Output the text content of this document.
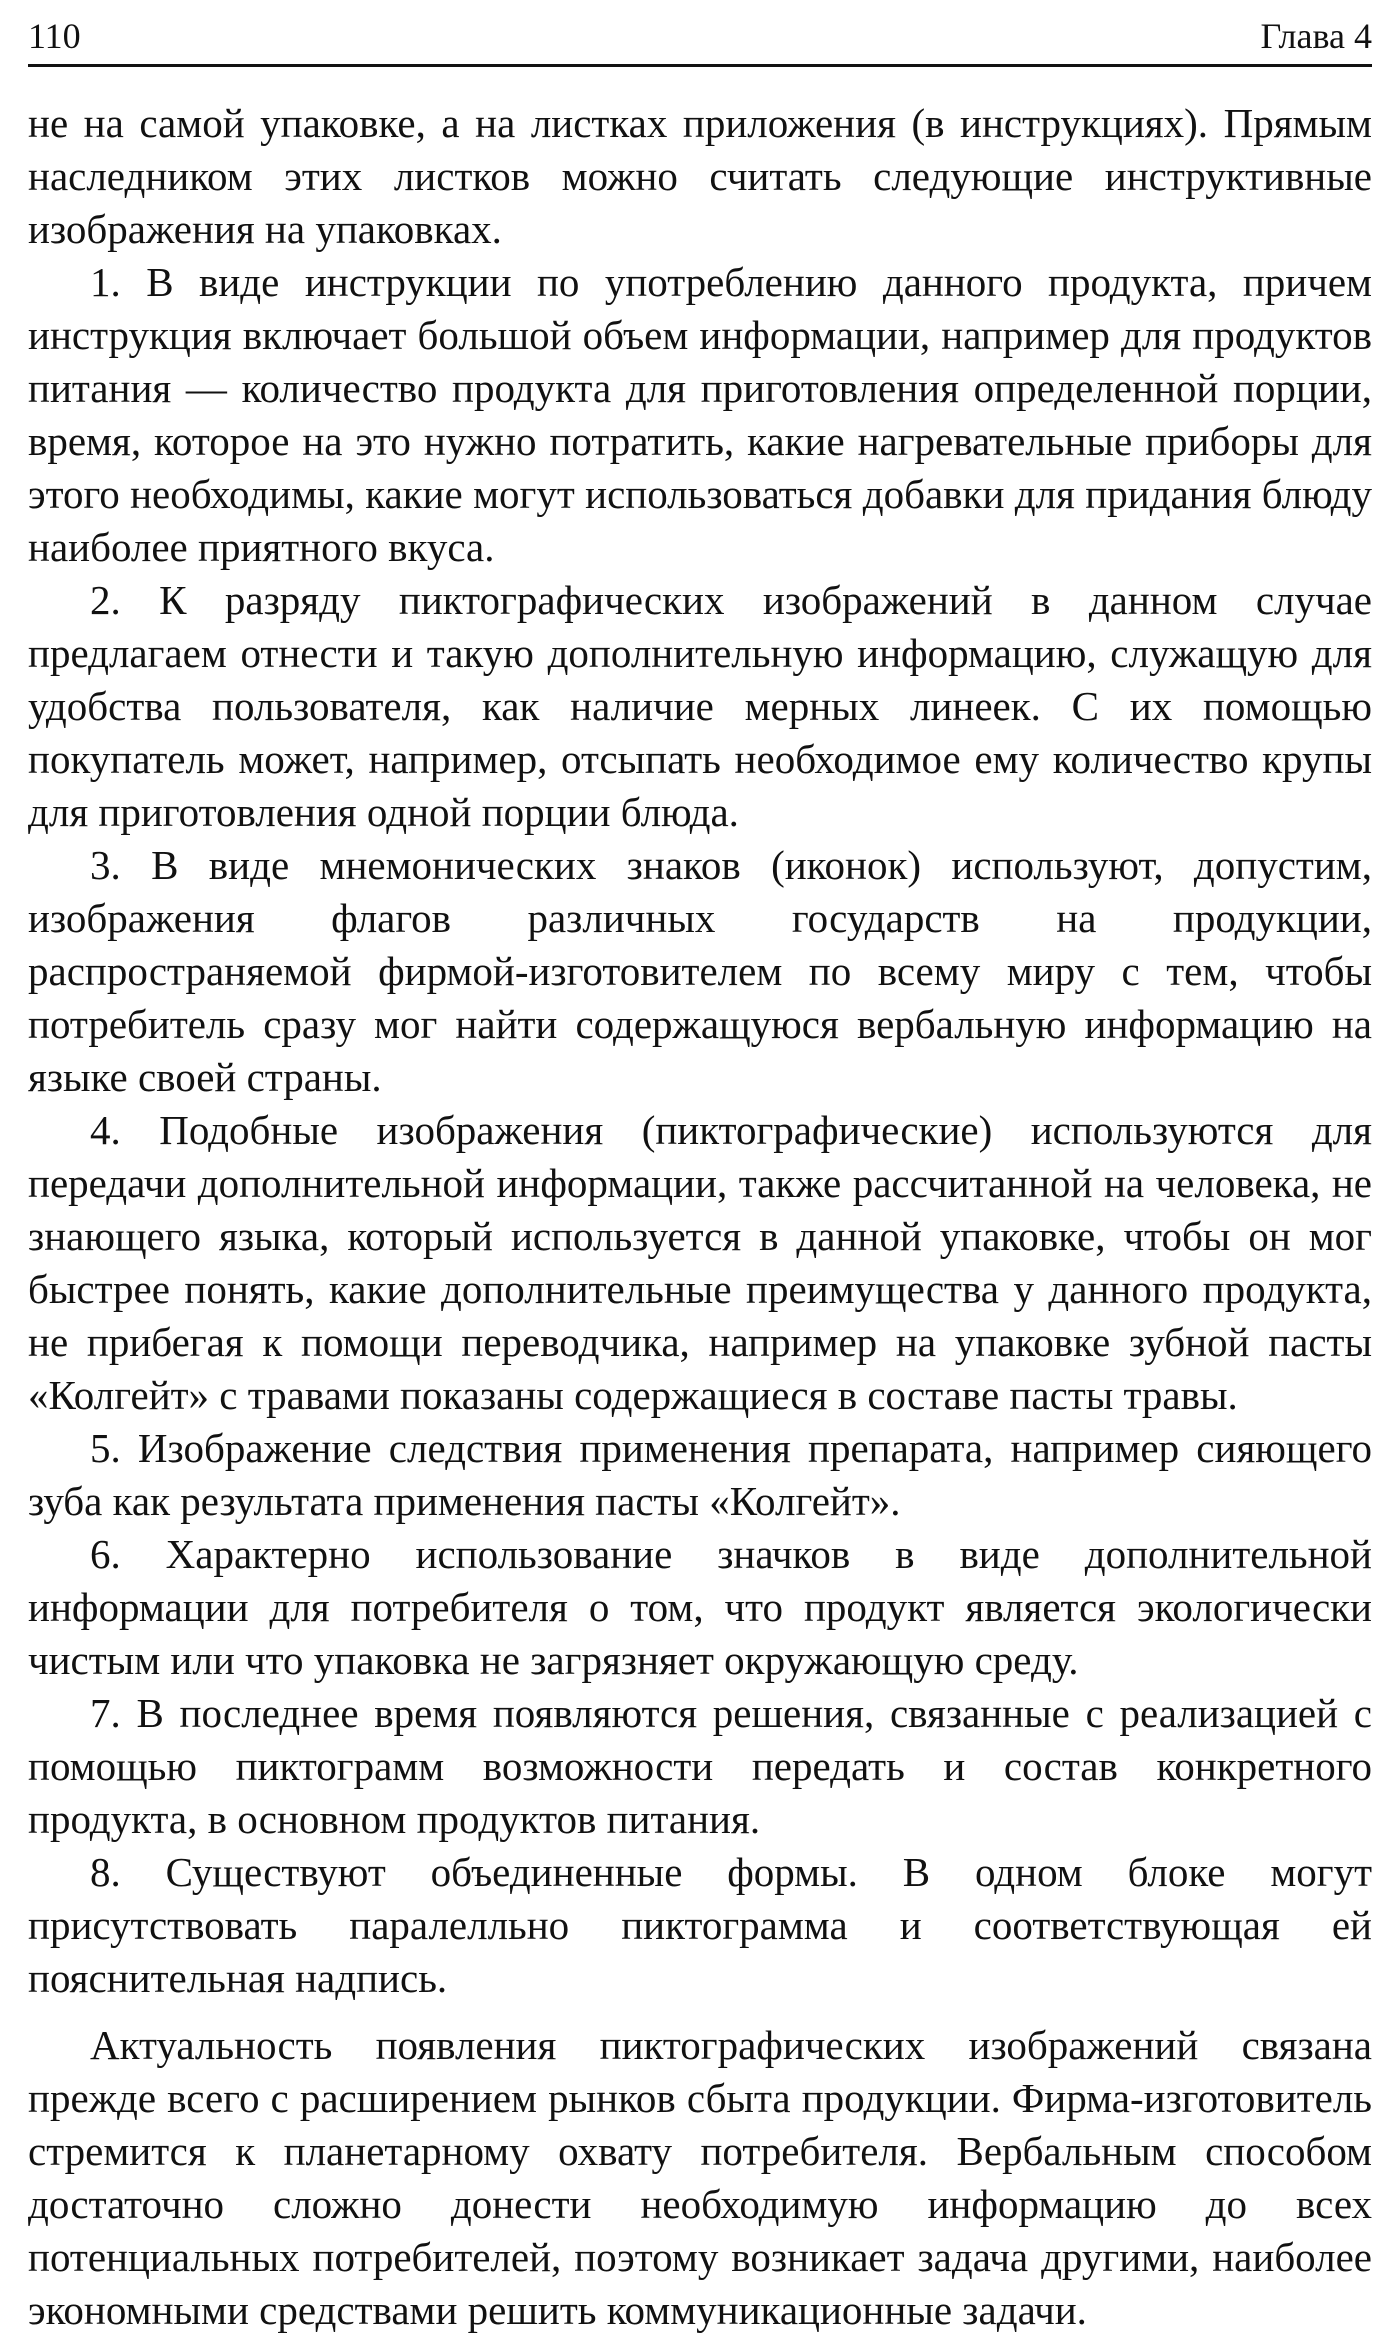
110	Глава 4

не на самой упаковке, а на листках приложения (в инструкциях). Прямым наследником этих листков можно считать следующие инструктивные изображения на упаковках.

1. В виде инструкции по употреблению данного продукта, причем инструкция включает большой объем информации, например для продуктов питания — количество продукта для приготовления определенной порции, время, которое на это нужно потратить, какие нагревательные приборы для этого необходимы, какие могут использоваться добавки для придания блюду наиболее приятного вкуса.

2. К разряду пиктографических изображений в данном случае предлагаем отнести и такую дополнительную информацию, служащую для удобства пользователя, как наличие мерных линеек. С их помощью покупатель может, например, отсыпать необходимое ему количество крупы для приготовления одной порции блюда.

3. В виде мнемонических знаков (иконок) используют, допустим, изображения флагов различных государств на продукции, распространяемой фирмой-изготовителем по всему миру с тем, чтобы потребитель сразу мог найти содержащуюся вербальную информацию на языке своей страны.

4. Подобные изображения (пиктографические) используются для передачи дополнительной информации, также рассчитанной на человека, не знающего языка, который используется в данной упаковке, чтобы он мог быстрее понять, какие дополнительные преимущества у данного продукта, не прибегая к помощи переводчика, например на упаковке зубной пасты «Колгейт» с травами показаны содержащиеся в составе пасты травы.

5. Изображение следствия применения препарата, например сияющего зуба как результата применения пасты «Колгейт».

6. Характерно использование значков в виде дополнительной информации для потребителя о том, что продукт является экологически чистым или что упаковка не загрязняет окружающую среду.

7. В последнее время появляются решения, связанные с реализацией с помощью пиктограмм возможности передать и состав конкретного продукта, в основном продуктов питания.

8. Существуют объединенные формы. В одном блоке могут присутствовать паралелльно пиктограмма и соответствующая ей пояснительная надпись.

Актуальность появления пиктографических изображений связана прежде всего с расширением рынков сбыта продукции. Фирма-изготовитель стремится к планетарному охвату потребителя. Вербальным способом достаточно сложно донести необходимую информацию до всех потенциальных потребителей, поэтому возникает задача другими, наиболее экономными средствами решить коммуникационные задачи.
